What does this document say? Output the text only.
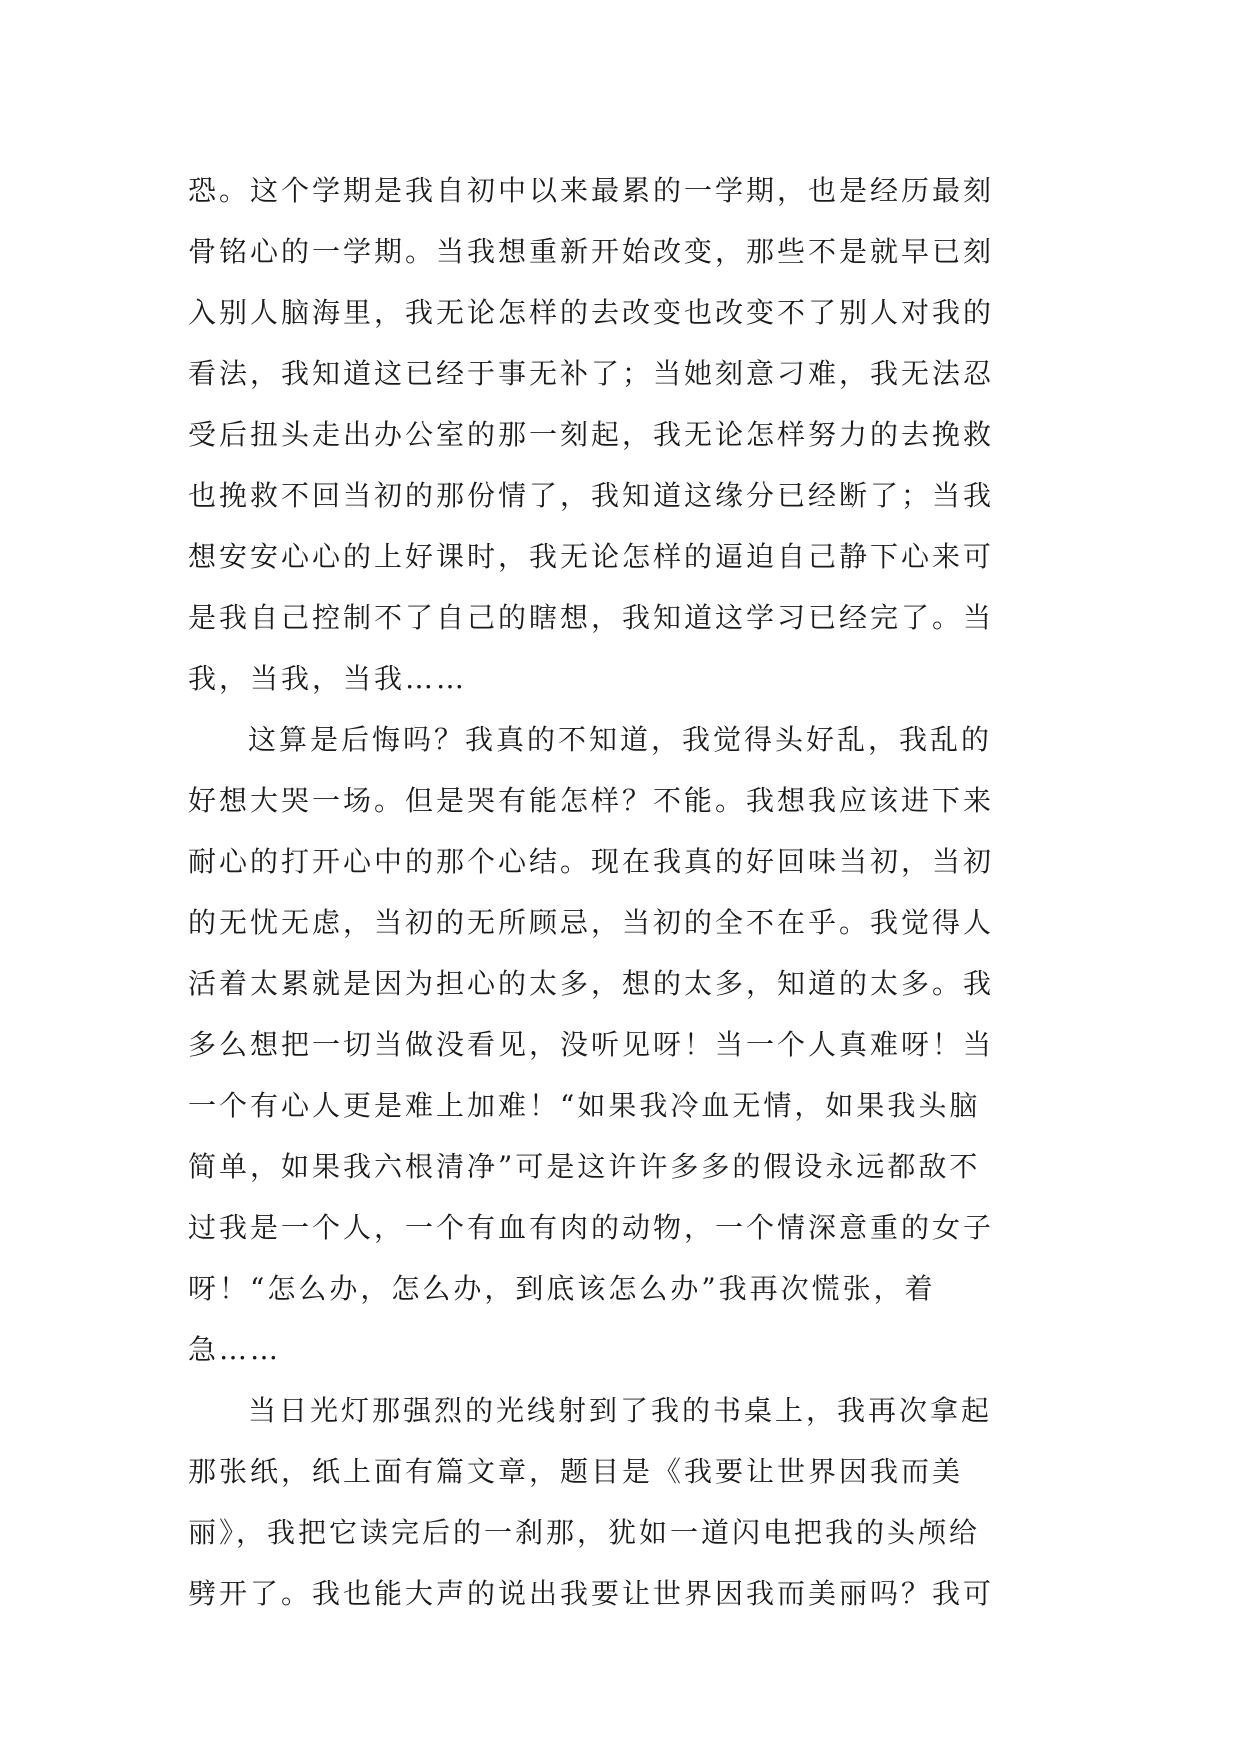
恐。这个学期是我自初中以来最累的一学期，也是经历最刻
骨铭心的一学期。当我想重新开始改变，那些不是就早已刻
入别人脑海里，我无论怎样的去改变也改变不了别人对我的
看法，我知道这已经于事无补了；当她刻意刁难，我无法忍
受后扭头走出办公室的那一刻起，我无论怎样努力的去挽救
也挽救不回当初的那份情了，我知道这缘分已经断了；当我
想安安心心的上好课时，我无论怎样的逼迫自己静下心来可
是我自己控制不了自己的瞎想，我知道这学习已经完了。当
我，当我，当我……

这算是后悔吗？我真的不知道，我觉得头好乱，我乱的
好想大哭一场。但是哭有能怎样？不能。我想我应该进下来
耐心的打开心中的那个心结。现在我真的好回味当初，当初
的无忧无虑，当初的无所顾忌，当初的全不在乎。我觉得人
活着太累就是因为担心的太多，想的太多，知道的太多。我
多么想把一切当做没看见，没听见呀！当一个人真难呀！当
一个有心人更是难上加难！“如果我冷血无情，如果我头脑
简单，如果我六根清净”可是这许许多多的假设永远都敌不
过我是一个人，一个有血有肉的动物，一个情深意重的女子
呀！“怎么办，怎么办，到底该怎么办”我再次慌张，着
急……

当日光灯那强烈的光线射到了我的书桌上，我再次拿起
那张纸，纸上面有篇文章，题目是《我要让世界因我而美
丽》，我把它读完后的一刹那，犹如一道闪电把我的头颅给
劈开了。我也能大声的说出我要让世界因我而美丽吗？我可
